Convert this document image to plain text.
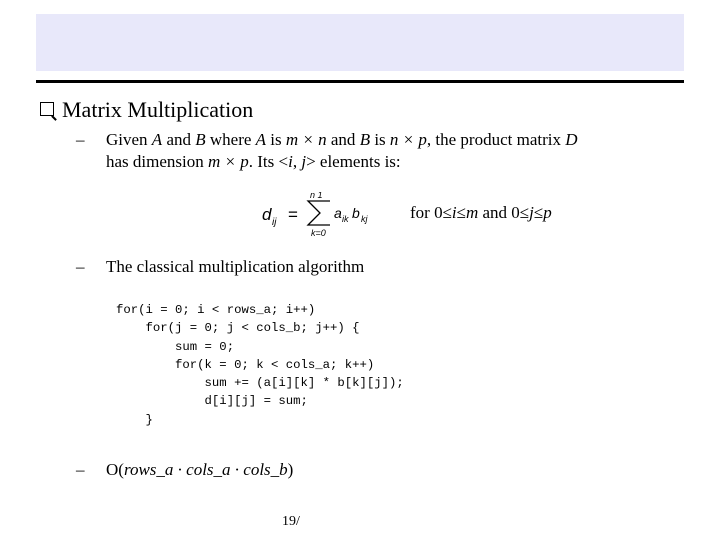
Matrix Multiplication
– Given A and B where A is m × n and B is n × p, the product matrix D
has dimension m × p. Its <i, j> elements is:
d ij =
n 1
k=0
a ik b kj	for 0≤i≤m and 0≤j≤p
– The classical multiplication algorithm
for(i = 0; i < rows_a; i++)
for(j = 0; j < cols_b; j++) {
sum = 0;
for(k = 0; k < cols_a; k++)
sum += (a[i][k] * b[k][j]);
d[i][j] = sum;
}
– O(rows_a · cols_a · cols_b)
19/
